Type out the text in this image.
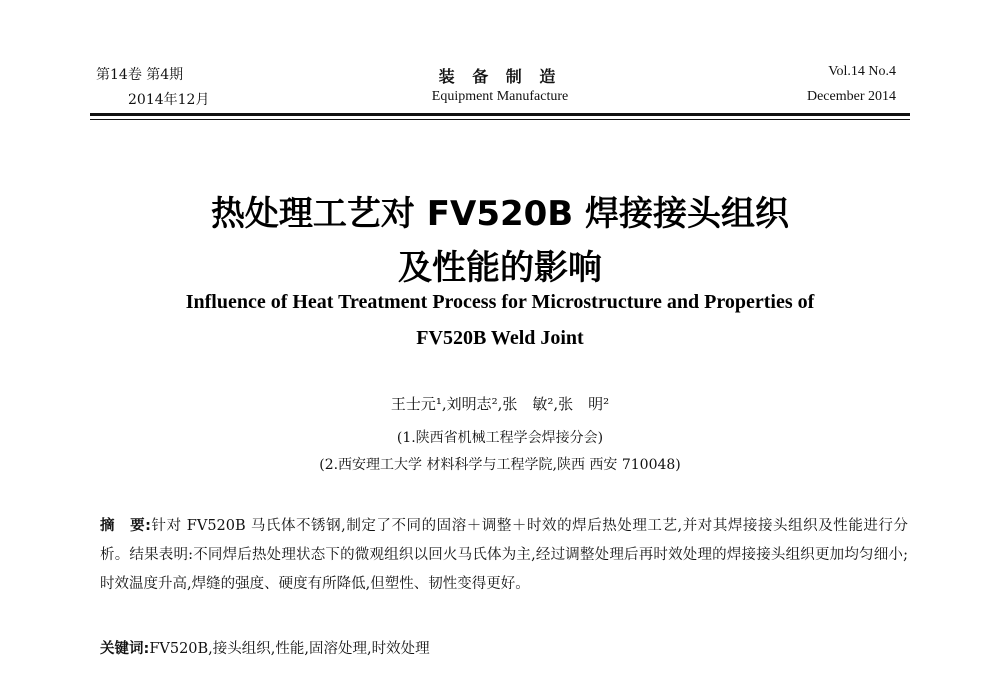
第14卷 第4期
2014年12月
装 备 制 造
Equipment Manufacture
Vol.14 No.4
December 2014
热处理工艺对 FV520B 焊接接头组织
及性能的影响
Influence of Heat Treatment Process for Microstructure and Properties of
FV520B Weld Joint
王士元¹,刘明志²,张　敏²,张　明²
(1.陕西省机械工程学会焊接分会)
(2.西安理工大学 材料科学与工程学院,陕西 西安 710048)
摘　要:针对 FV520B 马氏体不锈钢,制定了不同的固溶＋调整＋时效的焊后热处理工艺,并对其焊接接头组织及性能进行分析。结果表明:不同焊后热处理状态下的微观组织以回火马氏体为主,经过调整处理后再时效处理的焊接接头组织更加均匀细小;时效温度升高,焊缝的强度、硬度有所降低,但塑性、韧性变得更好。
关键词:FV520B,接头组织,性能,固溶处理,时效处理
